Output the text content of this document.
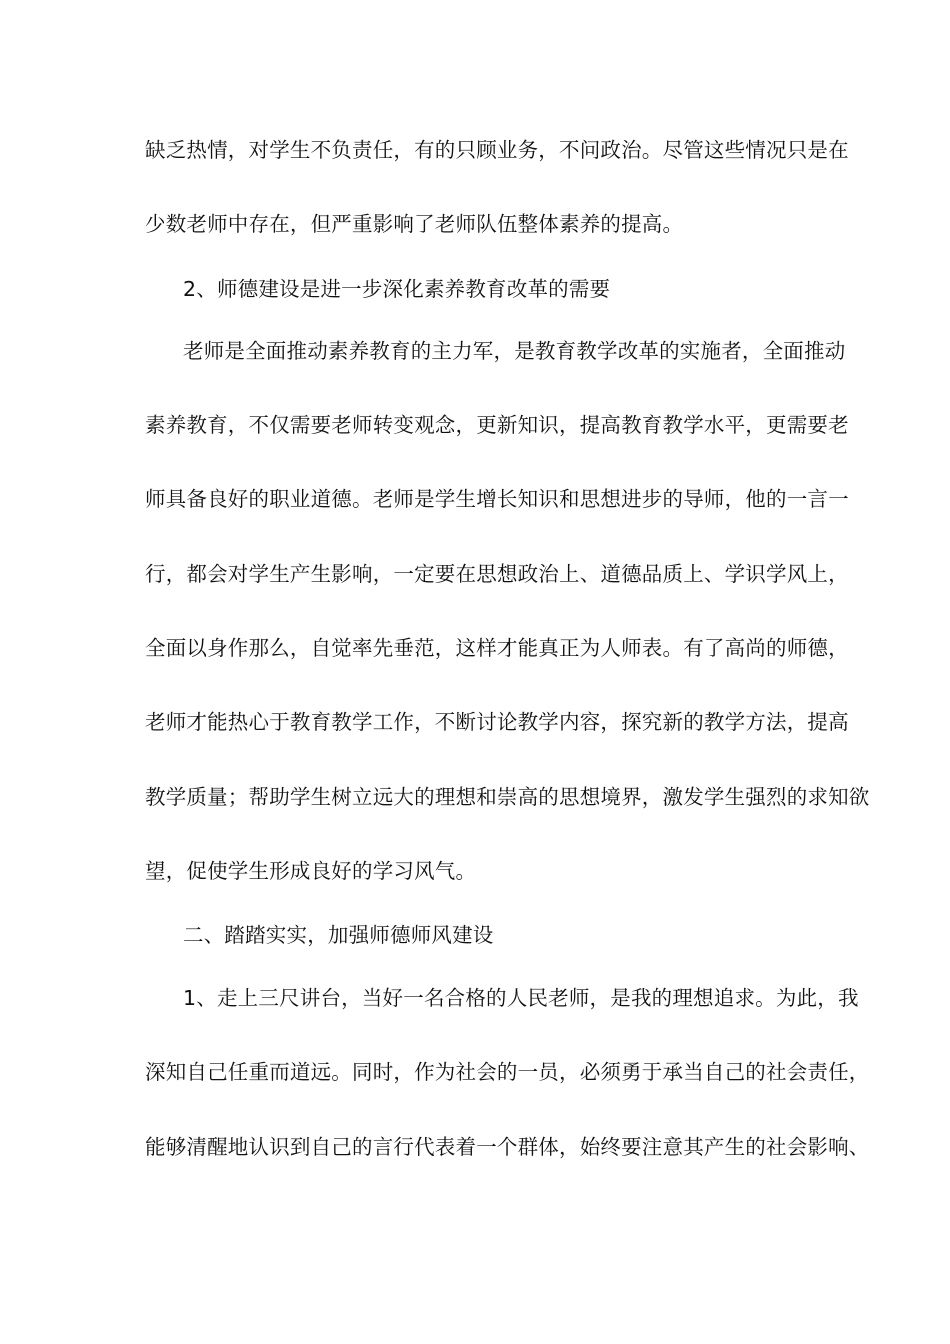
缺乏热情，对学生不负责任，有的只顾业务，不问政治。尽管这些情况只是在
少数老师中存在，但严重影响了老师队伍整体素养的提高。
2、师德建设是进一步深化素养教育改革的需要
老师是全面推动素养教育的主力军，是教育教学改革的实施者，全面推动
素养教育，不仅需要老师转变观念，更新知识，提高教育教学水平，更需要老
师具备良好的职业道德。老师是学生增长知识和思想进步的导师，他的一言一
行，都会对学生产生影响，一定要在思想政治上、道德品质上、学识学风上，
全面以身作那么，自觉率先垂范，这样才能真正为人师表。有了高尚的师德，
老师才能热心于教育教学工作，不断讨论教学内容，探究新的教学方法，提高
教学质量；帮助学生树立远大的理想和崇高的思想境界，激发学生强烈的求知欲
望，促使学生形成良好的学习风气。
二、踏踏实实，加强师德师风建设
1、走上三尺讲台，当好一名合格的人民老师，是我的理想追求。为此，我
深知自己任重而道远。同时，作为社会的一员，必须勇于承当自己的社会责任，
能够清醒地认识到自己的言行代表着一个群体，始终要注意其产生的社会影响、
